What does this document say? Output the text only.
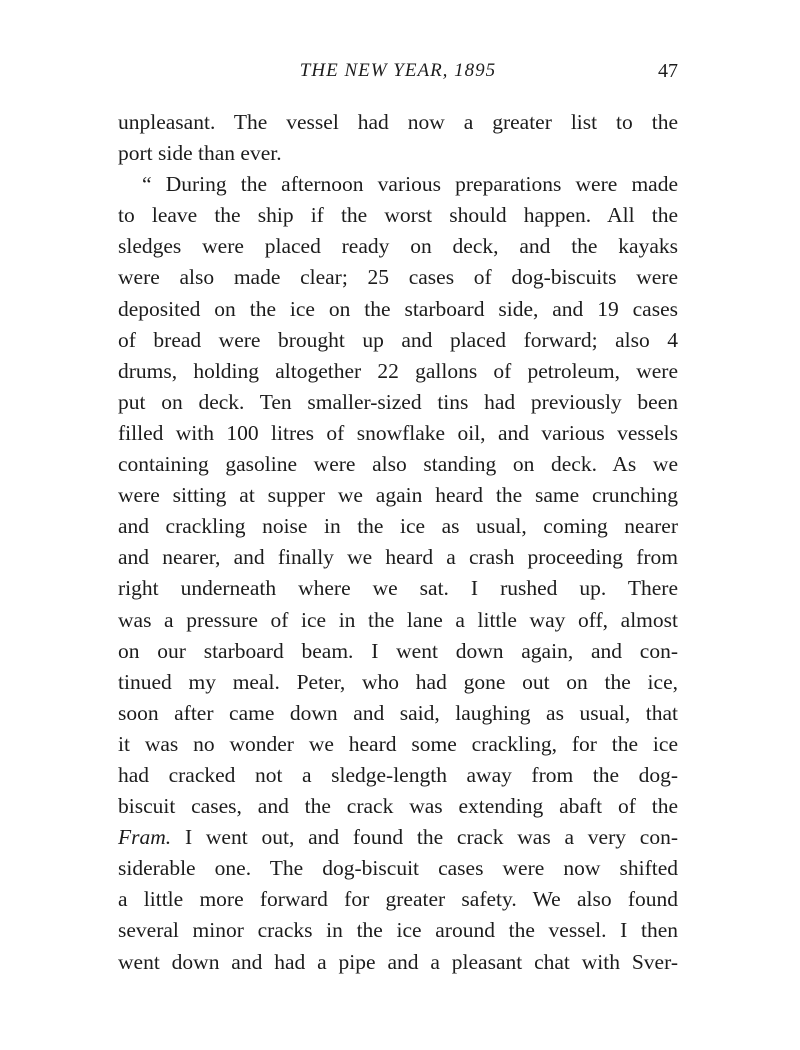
THE NEW YEAR, 1895	47
unpleasant. The vessel had now a greater list to the
port side than ever.
“ During the afternoon various preparations were made
to leave the ship if the worst should happen. All the
sledges were placed ready on deck, and the kayaks
were also made clear; 25 cases of dog-biscuits were
deposited on the ice on the starboard side, and 19 cases
of bread were brought up and placed forward; also 4
drums, holding altogether 22 gallons of petroleum, were
put on deck. Ten smaller-sized tins had previously been
filled with 100 litres of snowflake oil, and various vessels
containing gasoline were also standing on deck. As we
were sitting at supper we again heard the same crunching
and crackling noise in the ice as usual, coming nearer
and nearer, and finally we heard a crash proceeding from
right underneath where we sat. I rushed up. There
was a pressure of ice in the lane a little way off, almost
on our starboard beam. I went down again, and con-
tinued my meal. Peter, who had gone out on the ice,
soon after came down and said, laughing as usual, that
it was no wonder we heard some crackling, for the ice
had cracked not a sledge-length away from the dog-
biscuit cases, and the crack was extending abaft of the
Fram. I went out, and found the crack was a very con-
siderable one. The dog-biscuit cases were now shifted
a little more forward for greater safety. We also found
several minor cracks in the ice around the vessel. I then
went down and had a pipe and a pleasant chat with Sver-
